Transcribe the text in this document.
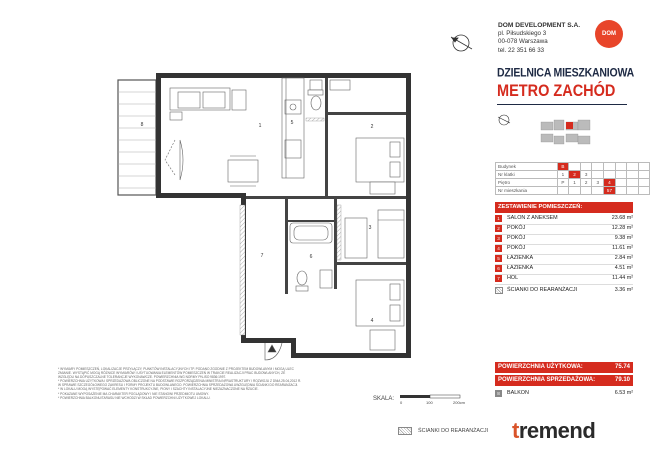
8	1	2
5
3
6
7
4
DOM DEVELOPMENT S.A.
pl. Piłsudskiego 3
00-078 Warszawa
tel. 22 351 66 33
DOM
DZIELNICA MIESZKANIOWA
METRO ZACHÓD
Budynek	B							
Nr klatki	1	2	3					
Piętro	P	1	2	3	4			
Nr mieszkania					57			
ZESTAWIENIE POMIESZCZEŃ:
1	SALON Z ANEKSEM	23.68 m²
2	POKÓJ	12.28 m²
3	POKÓJ	9.38 m²
4	POKÓJ	11.61 m²
5	ŁAZIENKA	2.84 m²
6	ŁAZIENKA	4.51 m²
7	HOL	11.44 m²
ŚCIANKI DO REARANŻACJI	3.36 m²
POWIERZCHNIA UŻYTKOWA:	75.74
POWIERZCHNIA SPRZEDAŻOWA:	79.10
8	BALKON	6.53 m²
* WYMIARY POMIESZCZEŃ, LOKALIZACJE PRZYŁĄCZY, PUNKTÓW INSTALACYJNYCH ITP. PODANO ZGODNIE Z PROJEKTEM BUDOWLANYM I MOGĄ ULEC
ZMIANIE. WYSTĄPIĆ MOGĄ RÓŻNICE WYMIARÓW I USYTUOWANIA ELEMENTÓW POMIESZCZEŃ W TRAKCIE REALIZACJI PRAC BUDOWLANYCH, ZE
WZGLĘDU NA DOPUSZCZALNE TOLERANCJE WYKONAWCZE. POWIERZCHNIA WG NORMY PN-ISO 9836:1997.
* POWIERZCHNIA UŻYTKOWA I SPRZEDAŻOWA OBLICZONE NA PODSTAWIE ROZPORZĄDZENIA MINISTRA INFRASTRUKTURY I ROZWOJU Z DNIA 25.04.2012 R.
W SPRAWIE SZCZEGÓŁOWEGO ZAKRESU I FORMY PROJEKTU BUDOWLANEGO. POWIERZCHNIA SPRZEDAŻOWA UWZGLĘDNIA ŚCIANKI DO REARANŻACJI.
* W LOKALU MOGĄ WYSTĘPOWAĆ ELEMENTY KONSTRUKCYJNE, PIONY I SZACHTY INSTALACYJNE NIEZAZNACZONE NA RZUCIE.
* POKAZANE WYPOSAŻENIE MA CHARAKTER POGLĄDOWY I NIE STANOWI PRZEDMIOTU UMOWY.
* POWIERZCHNIA BALKONU/TARASU NIE WCHODZI W SKŁAD POWIERZCHNI UŻYTKOWEJ LOKALU.	SKALA:
0	100	200cm
ŚCIANKI DO REARANŻACJI tremend
